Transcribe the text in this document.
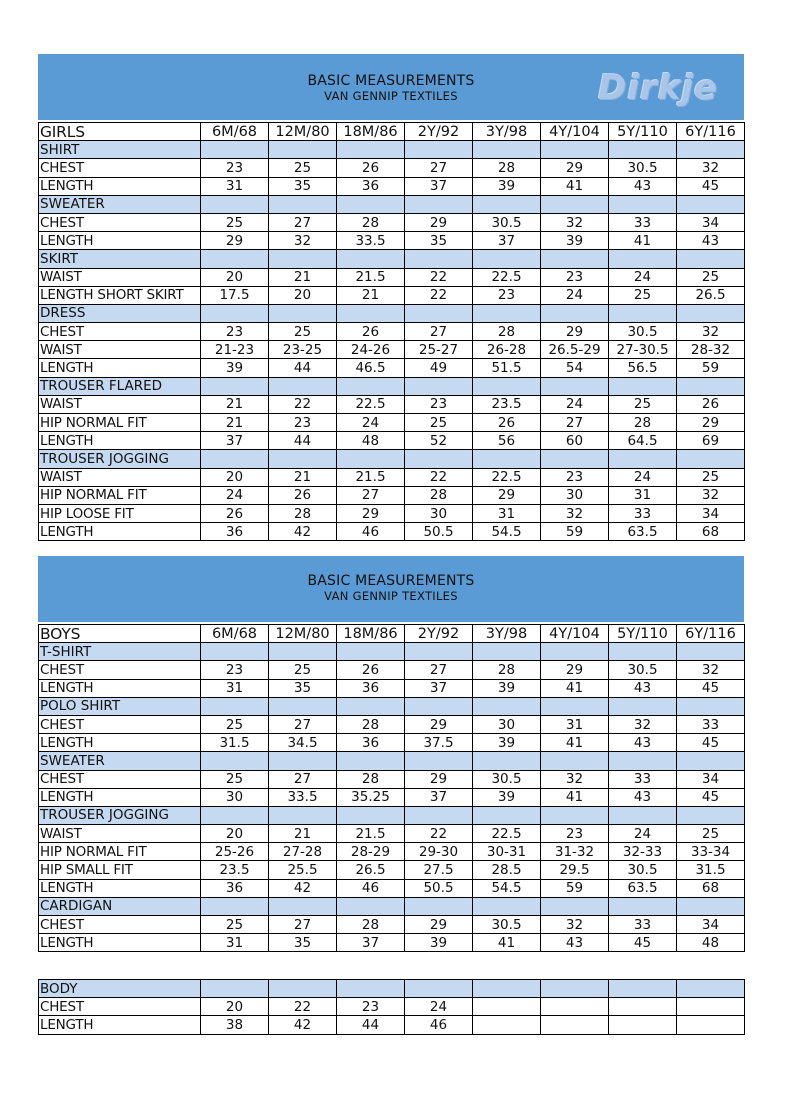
BASIC MEASUREMENTS
VAN GENNIP TEXTILES	Dirkje
GIRLS	6M/68	12M/80	18M/86	2Y/92	3Y/98	4Y/104	5Y/110	6Y/116
SHIRT								
CHEST	23	25	26	27	28	29	30.5	32
LENGTH	31	35	36	37	39	41	43	45
SWEATER								
CHEST	25	27	28	29	30.5	32	33	34
LENGTH	29	32	33.5	35	37	39	41	43
SKIRT								
WAIST	20	21	21.5	22	22.5	23	24	25
LENGTH SHORT SKIRT	17.5	20	21	22	23	24	25	26.5
DRESS								
CHEST	23	25	26	27	28	29	30.5	32
WAIST	21-23	23-25	24-26	25-27	26-28	26.5-29	27-30.5	28-32
LENGTH	39	44	46.5	49	51.5	54	56.5	59
TROUSER FLARED								
WAIST	21	22	22.5	23	23.5	24	25	26
HIP NORMAL FIT	21	23	24	25	26	27	28	29
LENGTH	37	44	48	52	56	60	64.5	69
TROUSER JOGGING								
WAIST	20	21	21.5	22	22.5	23	24	25
HIP NORMAL FIT	24	26	27	28	29	30	31	32
HIP LOOSE FIT	26	28	29	30	31	32	33	34
LENGTH	36	42	46	50.5	54.5	59	63.5	68
BASIC MEASUREMENTS
VAN GENNIP TEXTILES
BOYS	6M/68	12M/80	18M/86	2Y/92	3Y/98	4Y/104	5Y/110	6Y/116
T-SHIRT								
CHEST	23	25	26	27	28	29	30.5	32
LENGTH	31	35	36	37	39	41	43	45
POLO SHIRT								
CHEST	25	27	28	29	30	31	32	33
LENGTH	31.5	34.5	36	37.5	39	41	43	45
SWEATER								
CHEST	25	27	28	29	30.5	32	33	34
LENGTH	30	33.5	35.25	37	39	41	43	45
TROUSER JOGGING								
WAIST	20	21	21.5	22	22.5	23	24	25
HIP NORMAL FIT	25-26	27-28	28-29	29-30	30-31	31-32	32-33	33-34
HIP SMALL FIT	23.5	25.5	26.5	27.5	28.5	29.5	30.5	31.5
LENGTH	36	42	46	50.5	54.5	59	63.5	68
CARDIGAN								
CHEST	25	27	28	29	30.5	32	33	34
LENGTH	31	35	37	39	41	43	45	48
BODY								
CHEST	20	22	23	24				
LENGTH	38	42	44	46				
